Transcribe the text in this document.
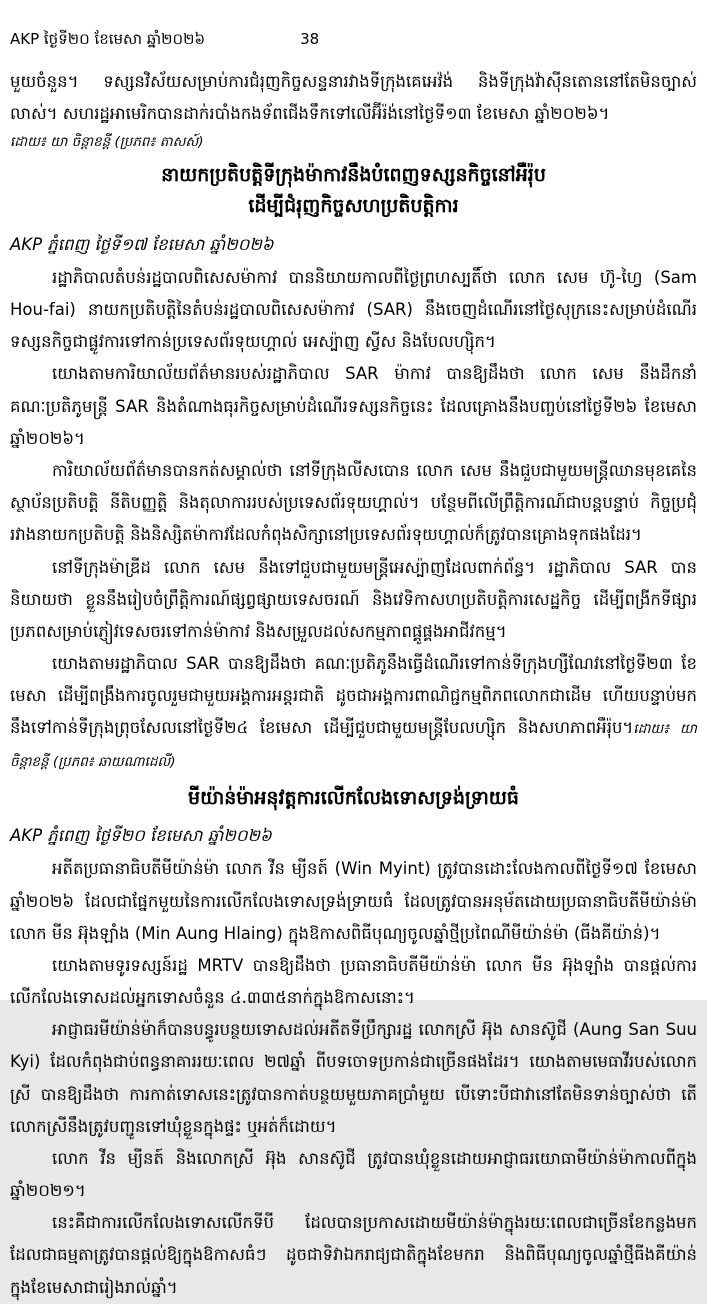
AKP ថ្ងៃទី២០ ខែមេសា ឆ្នាំ២០២៦	38
មួយចំនួន។ ទស្សនវិស័យសម្រាប់ការជំរុញកិច្ចសន្ទនារវាងទីក្រុងគេអេវ៉ង់ និងទីក្រុងវ៉ាស៊ីនតោននៅតែមិនច្បាស់លាស់។ សហរដ្ឋអាមេរិកបានដាក់របាំងកងទ័ពជើងទឹកទៅលើអ៊ីរ៉ង់នៅថ្ងៃទី១៣ ខែមេសា ឆ្នាំ២០២៦។
ដោយ៖ យា ចិន្តាខន្តី (ប្រភព៖ តាសស៍)
នាយកប្រតិបត្តិទីក្រុងម៉ាកាវនឹងបំពេញទស្សនកិច្ចនៅអឺរ៉ុប
ដើម្បីជំរុញកិច្ចសហប្រតិបត្តិការ
AKP ភ្នំពេញ ថ្ងៃទី១៧ ខែមេសា ឆ្នាំ២០២៦

រដ្ឋាភិបាលតំបន់រដ្ឋបាលពិសេសម៉ាកាវ បាននិយាយកាលពីថ្ងៃព្រហស្បតិ៍ថា លោក សេម ហ៊ូ-ហ្វៃ (Sam Hou-fai) នាយកប្រតិបត្តិនៃតំបន់រដ្ឋបាលពិសេសម៉ាកាវ (SAR) នឹងចេញដំណើរនៅថ្ងៃសុក្រនេះសម្រាប់ដំណើរទស្សនកិច្ចជាផ្លូវការទៅកាន់ប្រទេសព័រទុយហ្គាល់ អេស្ប៉ាញ ស្វីស និងបែលហ្ស៊ិក។

យោងតាមការិយាល័យព័ត៌មានរបស់រដ្ឋាភិបាល SAR ម៉ាកាវ បានឱ្យដឹងថា លោក សេម នឹងដឹកនាំគណៈប្រតិភូមន្ត្រី SAR និងតំណាងធុរកិច្ចសម្រាប់ដំណើរទស្សនកិច្ចនេះ ដែលគ្រោងនឹងបញ្ចប់នៅថ្ងៃទី២៦ ខែមេសា ឆ្នាំ២០២៦។

ការិយាល័យព័ត៌មានបានកត់សម្គាល់ថា នៅទីក្រុងលីសបោន លោក សេម នឹងជួបជាមួយមន្ត្រីឈានមុខគេនៃស្ថាប័នប្រតិបត្តិ នីតិបញ្ញត្តិ និងតុលាការរបស់ប្រទេសព័រទុយហ្គាល់។ បន្ថែមពីលើព្រឹត្តិការណ៍ជាបន្តបន្ទាប់ កិច្ចប្រជុំរវាងនាយកប្រតិបត្តិ និងនិស្សិតម៉ាកាវដែលកំពុងសិក្សានៅប្រទេសព័រទុយហ្គាល់ក៏ត្រូវបានគ្រោងទុកផងដែរ។

នៅទីក្រុងម៉ាឌ្រីដ លោក សេម នឹងទៅជួបជាមួយមន្ត្រីអេស្ប៉ាញដែលពាក់ព័ន្ធ។ រដ្ឋាភិបាល SAR បាននិយាយថា ខ្លួននឹងរៀបចំព្រឹត្តិការណ៍ផ្សព្វផ្សាយទេសចរណ៍ និងវេទិកាសហប្រតិបត្តិការសេដ្ឋកិច្ច ដើម្បីពង្រីកទីផ្សារប្រភពសម្រាប់ភ្ញៀវទេសចរទៅកាន់ម៉ាកាវ និងសម្រួលដល់សកម្មភាពផ្គូផ្គងអាជីវកម្ម។

យោងតាមរដ្ឋាភិបាល SAR បានឱ្យដឹងថា គណៈប្រតិភូនឹងធ្វើដំណើរទៅកាន់ទីក្រុងហ្សឺណែវនៅថ្ងៃទី២៣ ខែមេសា ដើម្បីពង្រឹងការចូលរួមជាមួយអង្គការអន្តរជាតិ ដូចជាអង្គការពាណិជ្ជកម្មពិភពលោកជាដើម ហើយបន្ទាប់មកនឹងទៅកាន់ទីក្រុងព្រុចសែលនៅថ្ងៃទី២៤ ខែមេសា ដើម្បីជួបជាមួយមន្ត្រីបែលហ្ស៊ិក និងសហភាពអឺរ៉ុប។ដោយ៖ យា ចិន្តាខន្តី (ប្រភព៖ ឆាយណាដេលី)

មីយ៉ាន់ម៉ាអនុវត្តការលើកលែងទោសទ្រង់ទ្រាយធំ
AKP ភ្នំពេញ ថ្ងៃទី២០ ខែមេសា ឆ្នាំ២០២៦

អតីតប្រធានាធិបតីមីយ៉ាន់ម៉ា លោក វីន ម្យីនត៍ (Win Myint) ត្រូវបានដោះលែងកាលពីថ្ងៃទី១៧ ខែមេសា ឆ្នាំ២០២៦ ដែលជាផ្នែកមួយនៃការលើកលែងទោសទ្រង់ទ្រាយធំ ដែលត្រូវបានអនុម័តដោយប្រធានាធិបតីមីយ៉ាន់ម៉ា លោក មីន អ៊ុងឡាំង (Min Aung Hlaing) ក្នុងឱកាសពិធីបុណ្យចូលឆ្នាំថ្មីប្រពៃណីមីយ៉ាន់ម៉ា (ធីងគីយ៉ាន់)។

យោងតាមទូរទស្សន៍រដ្ឋ MRTV បានឱ្យដឹងថា ប្រធានាធិបតីមីយ៉ាន់ម៉ា លោក មីន អ៊ុងឡាំង បានផ្តល់ការលើកលែងទោសដល់អ្នកទោសចំនួន ៤.៣៣៥នាក់ក្នុងឱកាសនោះ។

អាជ្ញាធរមីយ៉ាន់ម៉ាក៏បានបន្ធូរបន្ថយទោសដល់អតីតទីប្រឹក្សារដ្ឋ លោកស្រី អ៊ុង សានស៊ូជី (Aung San Suu Kyi) ដែលកំពុងជាប់ពន្ធនាគាររយៈពេល ២៧ឆ្នាំ ពីបទចោទប្រកាន់ជាច្រើនផងដែរ។ យោងតាមមេធាវីរបស់លោកស្រី បានឱ្យដឹងថា ការកាត់ទោសនេះត្រូវបានកាត់បន្ថយមួយភាគប្រាំមួយ បើទោះបីជាវានៅតែមិនទាន់ច្បាស់ថា តើលោកស្រីនឹងត្រូវបញ្ជូនទៅឃុំខ្លួនក្នុងផ្ទះ ឬអត់ក៏ដោយ។

លោក វីន ម្យីនត៍ និងលោកស្រី អ៊ុង សានស៊ូជី ត្រូវបានឃុំខ្លួនដោយអាជ្ញាធរយោធាមីយ៉ាន់ម៉ាកាលពីក្នុងឆ្នាំ២០២១។

នេះគឺជាការលើកលែងទោសលើកទីបី ដែលបានប្រកាសដោយមីយ៉ាន់ម៉ាក្នុងរយៈពេលជាច្រើនខែកន្លងមក ដែលជាធម្មតាត្រូវបានផ្តល់ឱ្យក្នុងឱកាសធំៗ ដូចជាទិវាឯករាជ្យជាតិក្នុងខែមករា និងពិធីបុណ្យចូលឆ្នាំថ្មីធីងគីយ៉ាន់ក្នុងខែមេសាជារៀងរាល់ឆ្នាំ។
